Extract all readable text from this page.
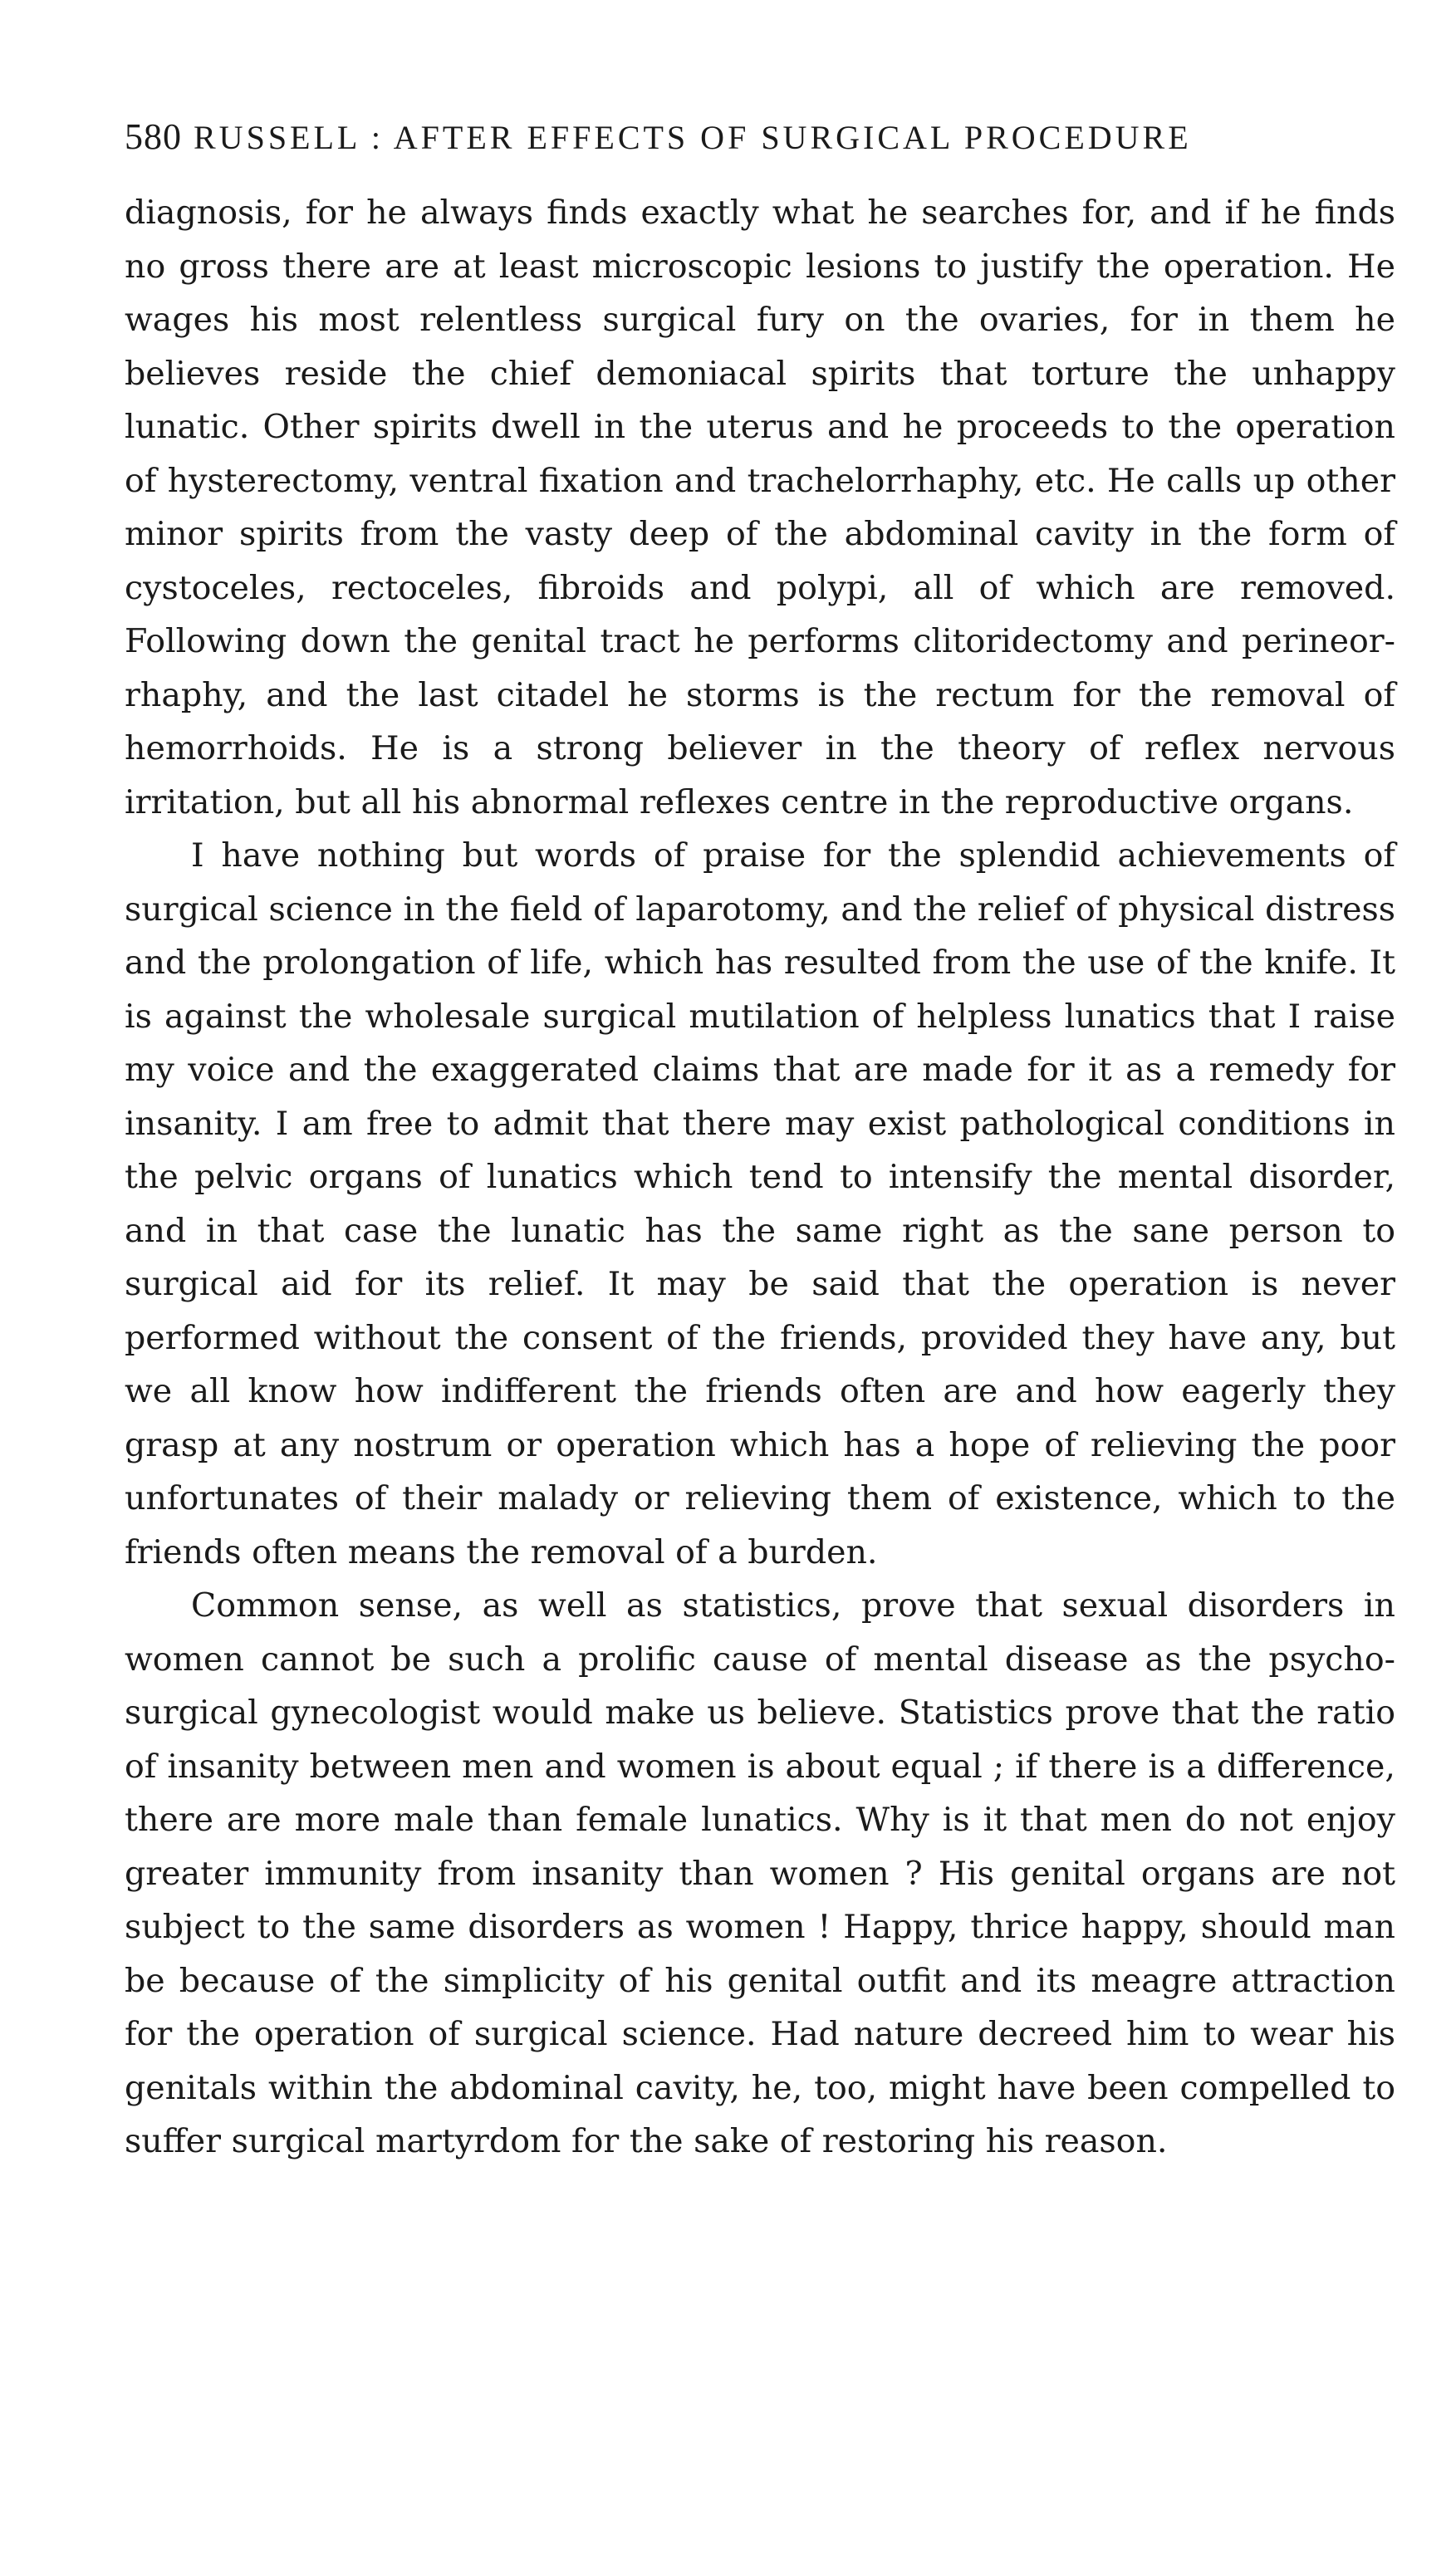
580 RUSSELL : AFTER EFFECTS OF SURGICAL PROCEDURE

diagnosis, for he always finds exactly what he searches for, and if he finds no gross there are at least microscopic lesions to justify the operation. He wages his most relentless surgical fury on the ovaries, for in them he believes reside the chief demoniacal spirits that torture the unhappy lunatic. Other spirits dwell in the uterus and he proceeds to the operation of hysterectomy, ventral fixation and trachelorrhaphy, etc. He calls up other minor spirits from the vasty deep of the abdominal cavity in the form of cystoceles, rectoceles, fibroids and polypi, all of which are removed. Following down the genital tract he performs clitoridectomy and perineorrhaphy, and the last citadel he storms is the rectum for the removal of hemorrhoids. He is a strong believer in the theory of reflex nervous irritation, but all his abnormal reflexes centre in the reproductive organs.

I have nothing but words of praise for the splendid achievements of surgical science in the field of laparotomy, and the relief of physical distress and the prolongation of life, which has resulted from the use of the knife. It is against the wholesale surgical mutilation of helpless lunatics that I raise my voice and the exaggerated claims that are made for it as a remedy for insanity. I am free to admit that there may exist pathological conditions in the pelvic organs of lunatics which tend to intensify the mental disorder, and in that case the lunatic has the same right as the sane person to surgical aid for its relief. It may be said that the operation is never performed without the consent of the friends, provided they have any, but we all know how indifferent the friends often are and how eagerly they grasp at any nostrum or operation which has a hope of relieving the poor unfortunates of their malady or relieving them of existence, which to the friends often means the removal of a burden.

Common sense, as well as statistics, prove that sexual disorders in women cannot be such a prolific cause of mental disease as the psycho-surgical gynecologist would make us believe. Statistics prove that the ratio of insanity between men and women is about equal ; if there is a difference, there are more male than female lunatics. Why is it that men do not enjoy greater immunity from insanity than women ? His genital organs are not subject to the same disorders as women ! Happy, thrice happy, should man be because of the simplicity of his genital outfit and its meagre attraction for the operation of surgical science. Had nature decreed him to wear his genitals within the abdominal cavity, he, too, might have been compelled to suffer surgical martyrdom for the sake of restoring his reason.
